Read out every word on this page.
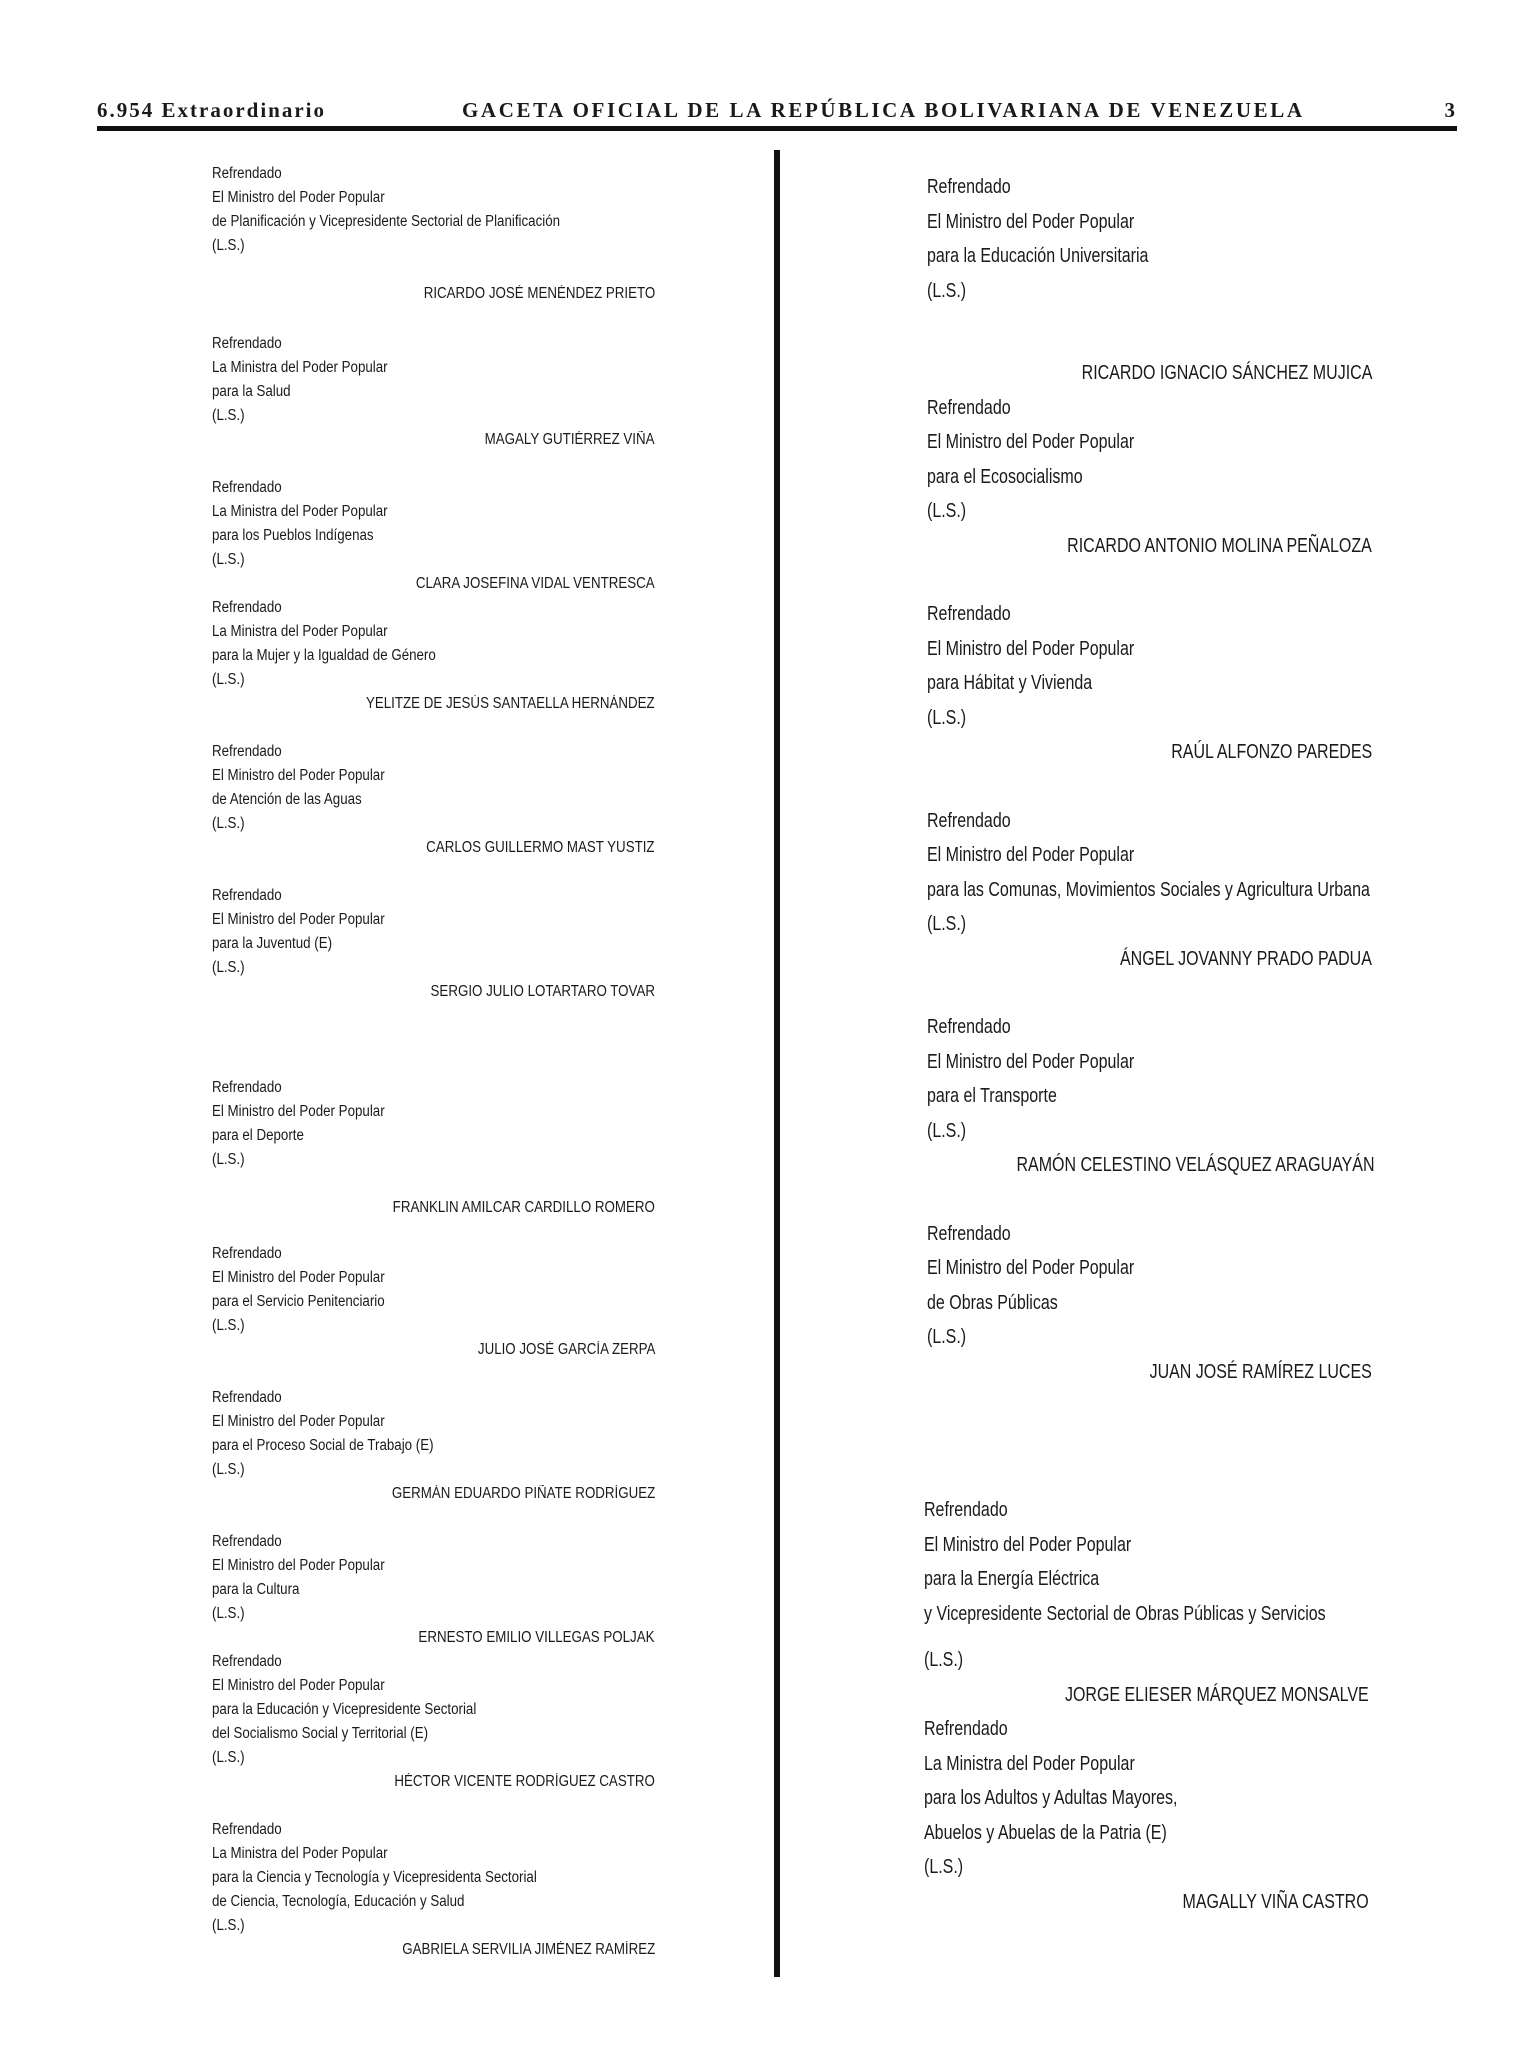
6.954 Extraordinario	GACETA OFICIAL DE LA REPÚBLICA BOLIVARIANA DE VENEZUELA	3
Refrendado
El Ministro del Poder Popular
de Planificación y Vicepresidente Sectorial de Planificación
(L.S.)
RICARDO JOSÉ MENÉNDEZ PRIETO
Refrendado
La Ministra del Poder Popular
para la Salud
(L.S.)
MAGALY GUTIÉRREZ VIÑA
Refrendado
La Ministra del Poder Popular
para los Pueblos Indígenas
(L.S.)
CLARA JOSEFINA VIDAL VENTRESCA
Refrendado
La Ministra del Poder Popular
para la Mujer y la Igualdad de Género
(L.S.)
YELITZE DE JESÚS SANTAELLA HERNÁNDEZ
Refrendado
El Ministro del Poder Popular
de Atención de las Aguas
(L.S.)
CARLOS GUILLERMO MAST YUSTIZ
Refrendado
El Ministro del Poder Popular
para la Juventud (E)
(L.S.)
SERGIO JULIO LOTARTARO TOVAR
Refrendado
El Ministro del Poder Popular
para el Deporte
(L.S.)
FRANKLIN AMILCAR CARDILLO ROMERO
Refrendado
El Ministro del Poder Popular
para el Servicio Penitenciario
(L.S.)
JULIO JOSÉ GARCÍA ZERPA
Refrendado
El Ministro del Poder Popular
para el Proceso Social de Trabajo (E)
(L.S.)
GERMÁN EDUARDO PIÑATE RODRÍGUEZ
Refrendado
El Ministro del Poder Popular
para la Cultura
(L.S.)
ERNESTO EMILIO VILLEGAS POLJAK
Refrendado
El Ministro del Poder Popular
para la Educación y Vicepresidente Sectorial
del Socialismo Social y Territorial (E)
(L.S.)
HÉCTOR VICENTE RODRÍGUEZ CASTRO
Refrendado
La Ministra del Poder Popular
para la Ciencia y Tecnología y Vicepresidenta Sectorial
de Ciencia, Tecnología, Educación y Salud
(L.S.)
GABRIELA SERVILIA JIMÉNEZ RAMÍREZ
Refrendado
El Ministro del Poder Popular
para la Educación Universitaria
(L.S.)
RICARDO IGNACIO SÁNCHEZ MUJICA
Refrendado
El Ministro del Poder Popular
para el Ecosocialismo
(L.S.)
RICARDO ANTONIO MOLINA PEÑALOZA
Refrendado
El Ministro del Poder Popular
para Hábitat y Vivienda
(L.S.)
RAÚL ALFONZO PAREDES
Refrendado
El Ministro del Poder Popular
para las Comunas, Movimientos Sociales y Agricultura Urbana
(L.S.)
ÁNGEL JOVANNY PRADO PADUA
Refrendado
El Ministro del Poder Popular
para el Transporte
(L.S.)
RAMÓN CELESTINO VELÁSQUEZ ARAGUAYÁN
Refrendado
El Ministro del Poder Popular
de Obras Públicas
(L.S.)
JUAN JOSÉ RAMÍREZ LUCES
Refrendado
El Ministro del Poder Popular
para la Energía Eléctrica
y Vicepresidente Sectorial de Obras Públicas y Servicios
(L.S.)
JORGE ELIESER MÁRQUEZ MONSALVE
Refrendado
La Ministra del Poder Popular
para los Adultos y Adultas Mayores,
Abuelos y Abuelas de la Patria (E)
(L.S.)
MAGALLY VIÑA CASTRO
